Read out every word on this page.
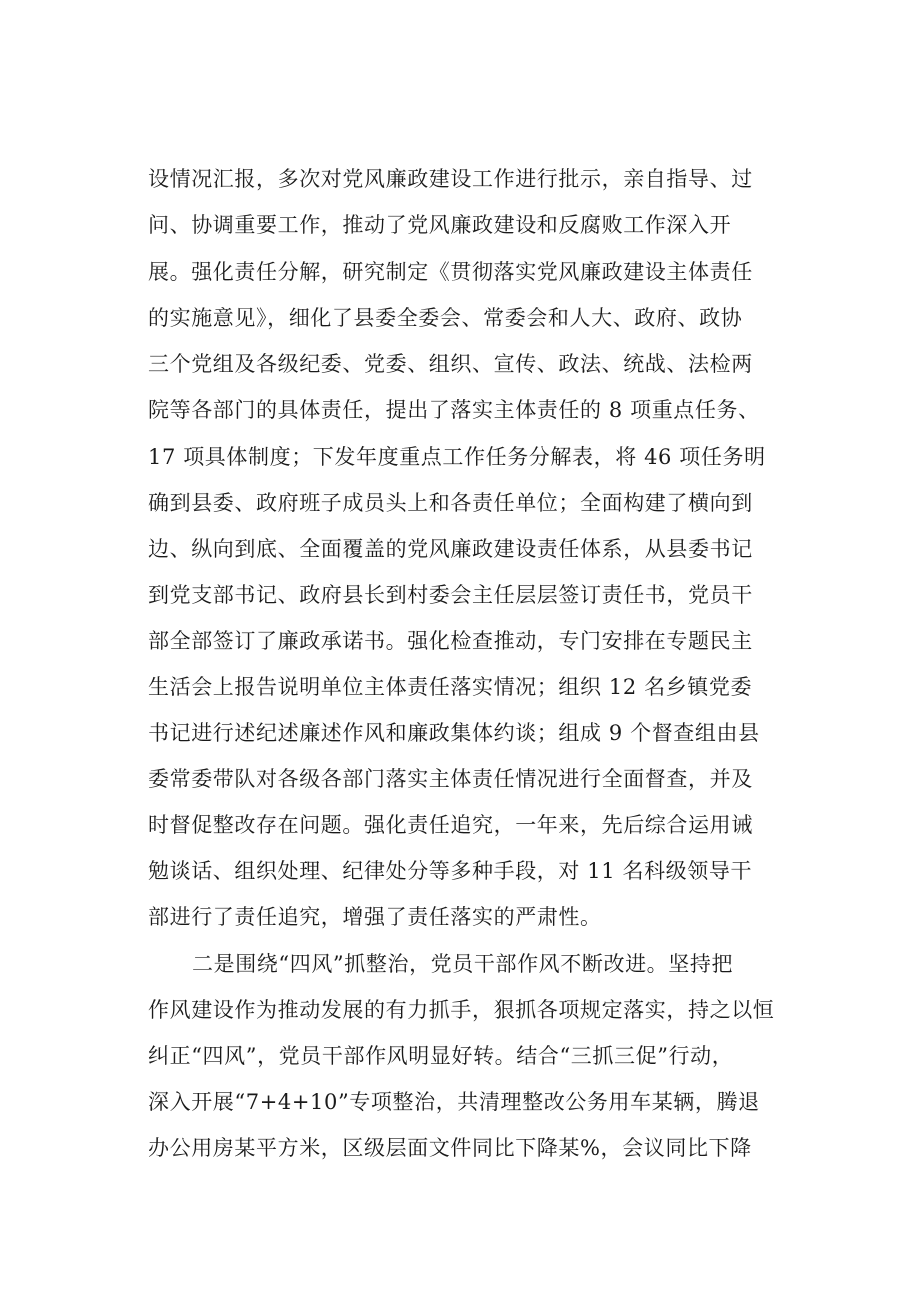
设情况汇报，多次对党风廉政建设工作进行批示，亲自指导、过
问、协调重要工作，推动了党风廉政建设和反腐败工作深入开
展。强化责任分解，研究制定《贯彻落实党风廉政建设主体责任
的实施意见》，细化了县委全委会、常委会和人大、政府、政协
三个党组及各级纪委、党委、组织、宣传、政法、统战、法检两
院等各部门的具体责任，提出了落实主体责任的 8 项重点任务、
17 项具体制度；下发年度重点工作任务分解表，将 46 项任务明
确到县委、政府班子成员头上和各责任单位；全面构建了横向到
边、纵向到底、全面覆盖的党风廉政建设责任体系，从县委书记
到党支部书记、政府县长到村委会主任层层签订责任书，党员干
部全部签订了廉政承诺书。强化检查推动，专门安排在专题民主
生活会上报告说明单位主体责任落实情况；组织 12 名乡镇党委
书记进行述纪述廉述作风和廉政集体约谈；组成 9 个督查组由县
委常委带队对各级各部门落实主体责任情况进行全面督查，并及
时督促整改存在问题。强化责任追究，一年来，先后综合运用诫
勉谈话、组织处理、纪律处分等多种手段，对 11 名科级领导干
部进行了责任追究，增强了责任落实的严肃性。
二是围绕“四风”抓整治，党员干部作风不断改进。坚持把
作风建设作为推动发展的有力抓手，狠抓各项规定落实，持之以恒
纠正“四风”，党员干部作风明显好转。结合“三抓三促”行动，
深入开展“7+4+10”专项整治，共清理整改公务用车某辆，腾退
办公用房某平方米，区级层面文件同比下降某%，会议同比下降
